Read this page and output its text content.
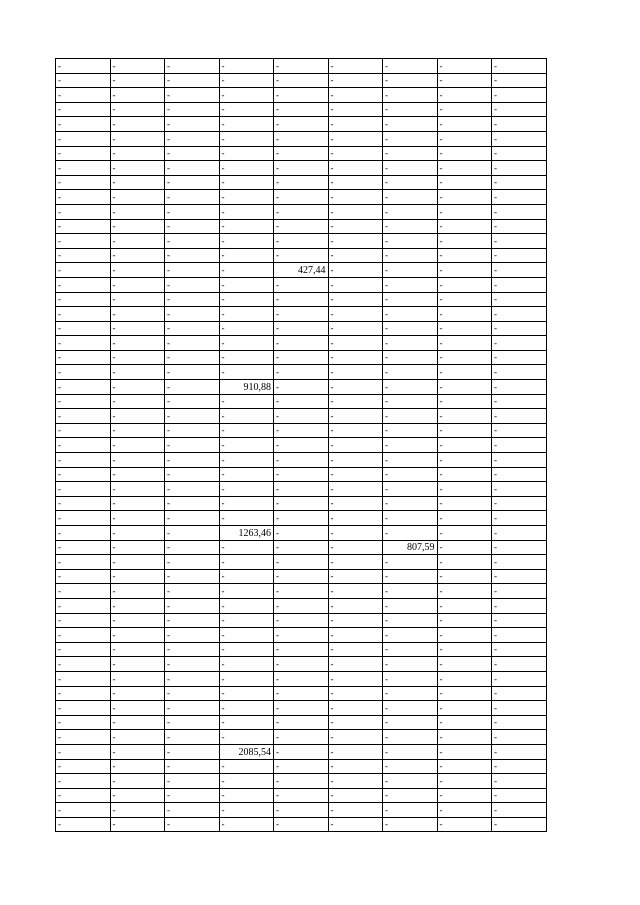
-	-	-	-	-	-	-	-	-
-	-	-	-	-	-	-	-	-
-	-	-	-	-	-	-	-	-
-	-	-	-	-	-	-	-	-
-	-	-	-	-	-	-	-	-
-	-	-	-	-	-	-	-	-
-	-	-	-	-	-	-	-	-
-	-	-	-	-	-	-	-	-
-	-	-	-	-	-	-	-	-
-	-	-	-	-	-	-	-	-
-	-	-	-	-	-	-	-	-
-	-	-	-	-	-	-	-	-
-	-	-	-	-	-	-	-	-
-	-	-	-	-	-	-	-	-
-	-	-	-	427,44	-	-	-	-
-	-	-	-	-	-	-	-	-
-	-	-	-	-	-	-	-	-
-	-	-	-	-	-	-	-	-
-	-	-	-	-	-	-	-	-
-	-	-	-	-	-	-	-	-
-	-	-	-	-	-	-	-	-
-	-	-	-	-	-	-	-	-
-	-	-	910,88	-	-	-	-	-
-	-	-	-	-	-	-	-	-
-	-	-	-	-	-	-	-	-
-	-	-	-	-	-	-	-	-
-	-	-	-	-	-	-	-	-
-	-	-	-	-	-	-	-	-
-	-	-	-	-	-	-	-	-
-	-	-	-	-	-	-	-	-
-	-	-	-	-	-	-	-	-
-	-	-	-	-	-	-	-	-
-	-	-	1263,46	-	-	-	-	-
-	-	-	-	-	-	807,59	-	-
-	-	-	-	-	-	-	-	-
-	-	-	-	-	-	-	-	-
-	-	-	-	-	-	-	-	-
-	-	-	-	-	-	-	-	-
-	-	-	-	-	-	-	-	-
-	-	-	-	-	-	-	-	-
-	-	-	-	-	-	-	-	-
-	-	-	-	-	-	-	-	-
-	-	-	-	-	-	-	-	-
-	-	-	-	-	-	-	-	-
-	-	-	-	-	-	-	-	-
-	-	-	-	-	-	-	-	-
-	-	-	-	-	-	-	-	-
-	-	-	2085,54	-	-	-	-	-
-	-	-	-	-	-	-	-	-
-	-	-	-	-	-	-	-	-
-	-	-	-	-	-	-	-	-
-	-	-	-	-	-	-	-	-
-	-	-	-	-	-	-	-	-
